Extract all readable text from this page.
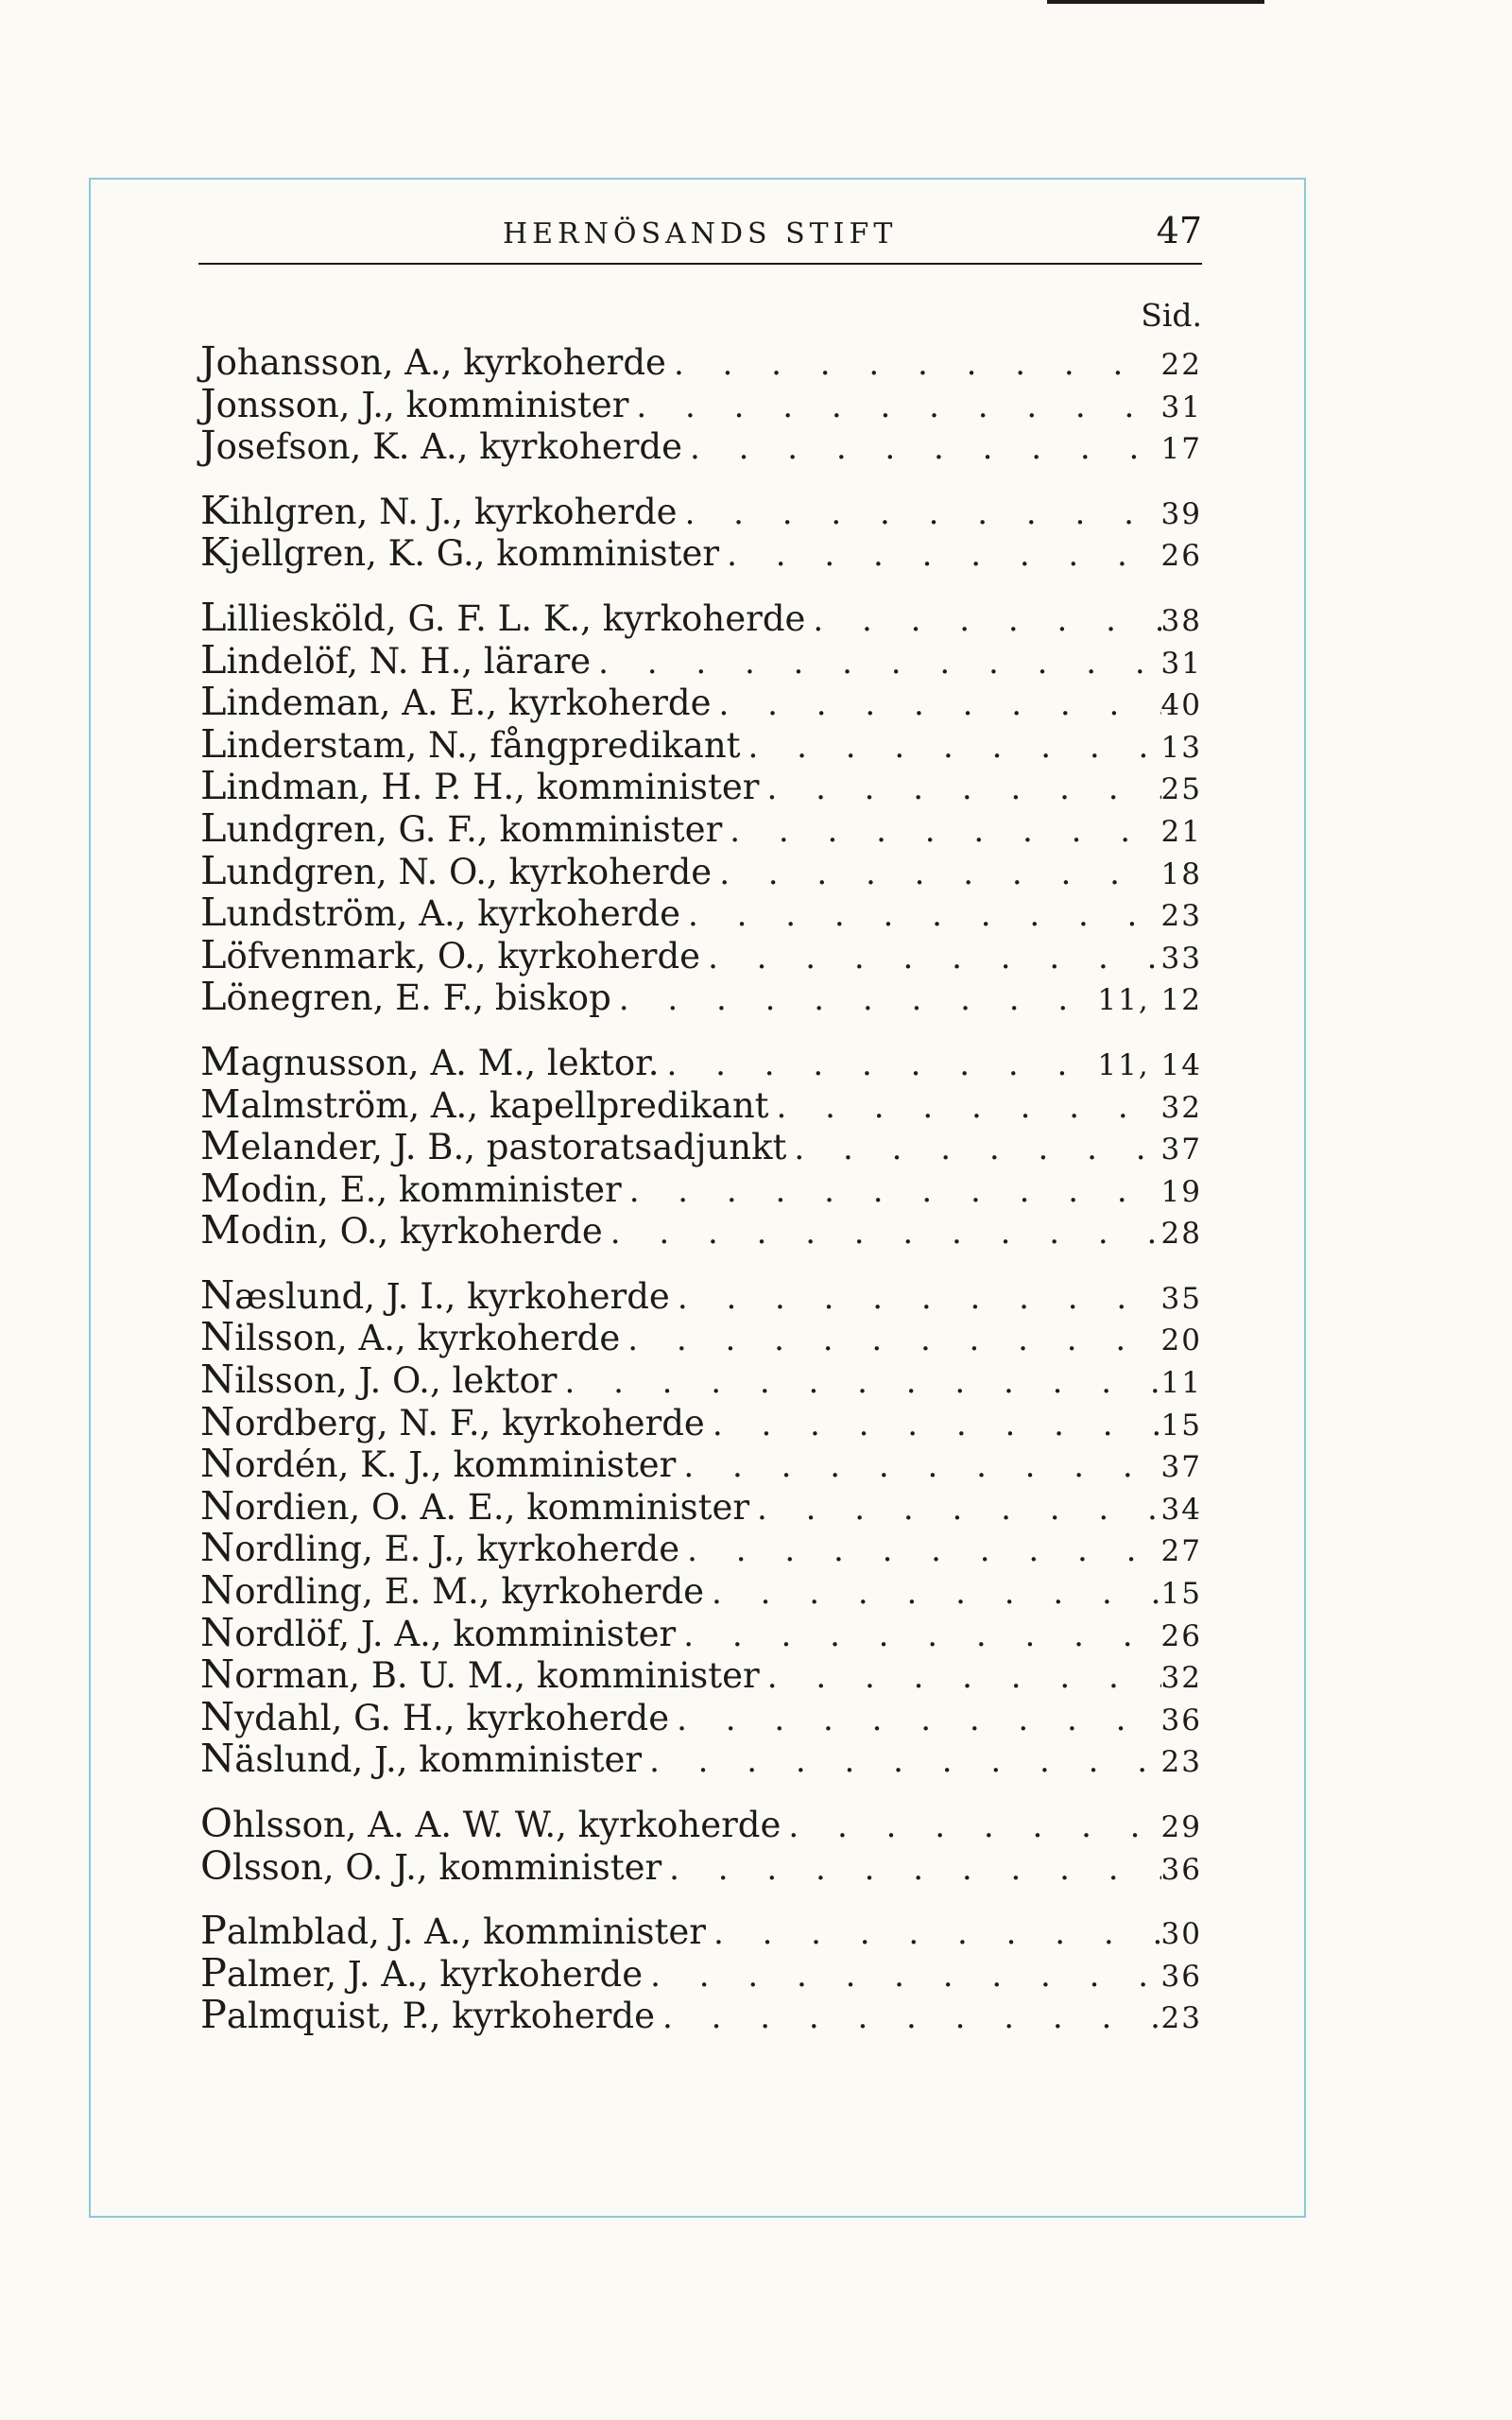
HERNÖSANDS STIFT	47
Sid.
Johansson, A., kyrkoherde . . .	22
Jonsson, J., komminister . . .	31
Josefson, K. A., kyrkoherde . . .	17
Kihlgren, N. J., kyrkoherde . . .	39
Kjellgren, K. G., komminister . . .	26
Lilliesköld, G. F. L. K., kyrkoherde . . .	38
Lindelöf, N. H., lärare . . .	31
Lindeman, A. E., kyrkoherde . . .	40
Linderstam, N., fångpredikant . . .	13
Lindman, H. P. H., komminister . . .	25
Lundgren, G. F., komminister . . .	21
Lundgren, N. O., kyrkoherde . . .	18
Lundström, A., kyrkoherde . . .	23
Löfvenmark, O., kyrkoherde . . .	33
Lönegren, E. F., biskop . . .	11, 12
Magnusson, A. M., lektor. . . .	11, 14
Malmström, A., kapellpredikant . . .	32
Melander, J. B., pastoratsadjunkt . . .	37
Modin, E., komminister . . .	19
Modin, O., kyrkoherde . . .	28
Næslund, J. I., kyrkoherde . . .	35
Nilsson, A., kyrkoherde . . .	20
Nilsson, J. O., lektor . . .	11
Nordberg, N. F., kyrkoherde . . .	15
Nordén, K. J., komminister . . .	37
Nordien, O. A. E., komminister . . .	34
Nordling, E. J., kyrkoherde . . .	27
Nordling, E. M., kyrkoherde . . .	15
Nordlöf, J. A., komminister . . .	26
Norman, B. U. M., komminister . . .	32
Nydahl, G. H., kyrkoherde . . .	36
Näslund, J., komminister . . .	23
Ohlsson, A. A. W. W., kyrkoherde . . .	29
Olsson, O. J., komminister . . .	36
Palmblad, J. A., komminister . . .	30
Palmer, J. A., kyrkoherde . . .	36
Palmquist, P., kyrkoherde . . .	23
